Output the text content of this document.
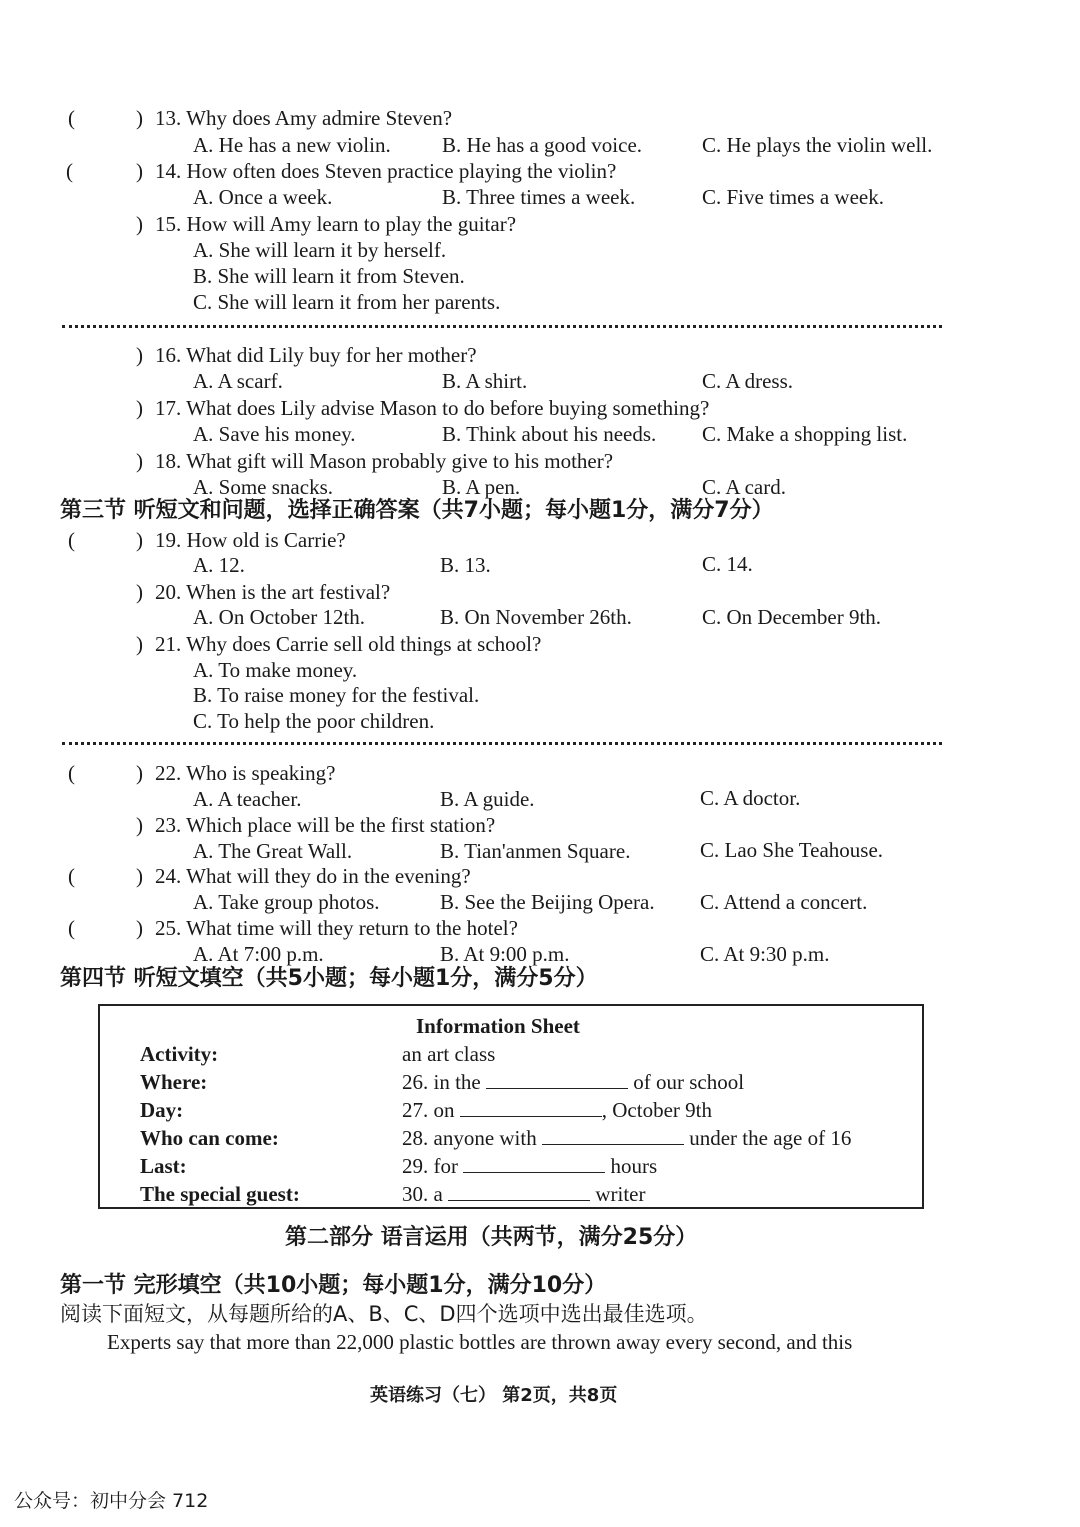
(	) 13. Why does Amy admire Steven?
A. He has a new violin. B. He has a good voice.	C. He plays the violin well.
(	) 14. How often does Steven practice playing the violin?
A. Once a week.	B. Three times a week.	C. Five times a week.
) 15. How will Amy learn to play the guitar?
A. She will learn it by herself.
B. She will learn it from Steven.
C. She will learn it from her parents.
) 16. What did Lily buy for her mother?
A. A scarf.	B. A shirt.	C. A dress.
) 17. What does Lily advise Mason to do before buying something?
A. Save his money.	B. Think about his needs. C. Make a shopping list.
) 18. What gift will Mason probably give to his mother?
A. Some snacks.	B. A pen.	C. A card.
第三节 听短文和问题，选择正确答案（共7小题；每小题1分，满分7分）
(	) 19. How old is Carrie?
A. 12.	B. 13.	C. 14.
) 20. When is the art festival?
A. On October 12th.	B. On November 26th.	C. On December 9th.
) 21. Why does Carrie sell old things at school?
A. To make money.
B. To raise money for the festival.
C. To help the poor children.
(	) 22. Who is speaking?
A. A teacher.	B. A guide.	C. A doctor.
) 23. Which place will be the first station?
A. The Great Wall.	B. Tian'anmen Square.	C. Lao She Teahouse.
(	) 24. What will they do in the evening?
A. Take group photos.	B. See the Beijing Opera. C. Attend a concert.
(	) 25. What time will they return to the hotel?
A. At 7:00 p.m.	B. At 9:00 p.m.	C. At 9:30 p.m.
第四节 听短文填空（共5小题；每小题1分，满分5分）
Information Sheet
Activity:	an art class
Where:	26. in the	of our school
Day:	27. on	, October 9th
Who can come:	28. anyone with	under the age of 16
Last:	29. for	hours
The special guest:	30. a	writer
第二部分 语言运用（共两节，满分25分）
第一节 完形填空（共10小题；每小题1分，满分10分）
阅读下面短文，从每题所给的A、B、C、D四个选项中选出最佳选项。
Experts say that more than 22,000 plastic bottles are thrown away every second, and this
英语练习（七） 第2页，共8页
公众号：初中分会 712
